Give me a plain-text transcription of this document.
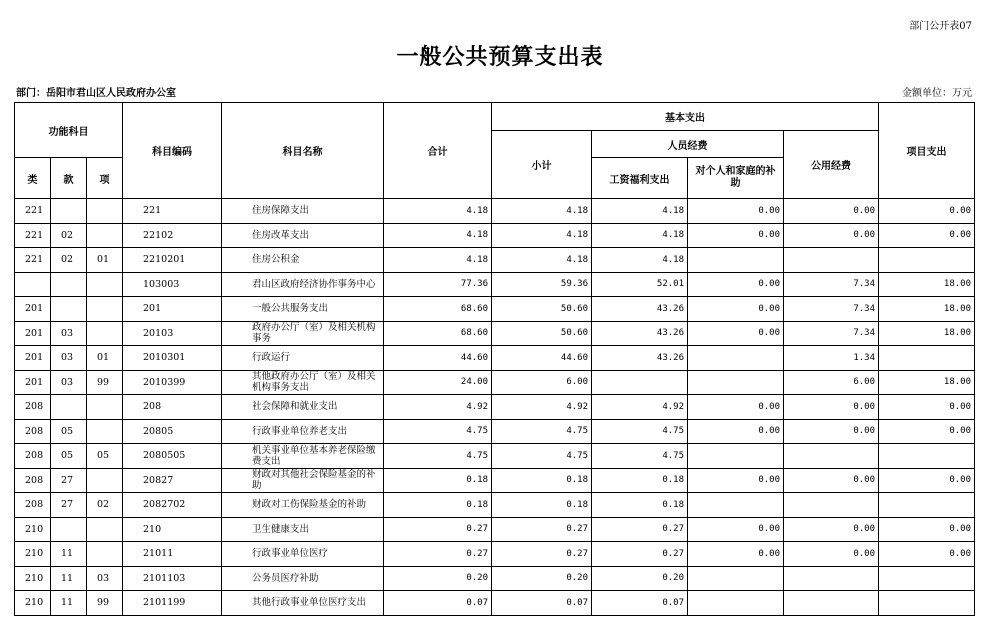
部门公开表07
一般公共预算支出表
部门：岳阳市君山区人民政府办公室	金额单位：万元
功能科目			科目编码	科目名称	合计	基本支出				项目支出
						小计	人员经费		公用经费	
类	款	项					工资福利支出	对个人和家庭的补助		
221			221	住房保障支出	4.18	4.18	4.18	0.00	0.00	0.00
221	02		22102	住房改革支出	4.18	4.18	4.18	0.00	0.00	0.00
221	02	01	2210201	住房公积金	4.18	4.18	4.18			
			103003	君山区政府经济协作事务中心	77.36	59.36	52.01	0.00	7.34	18.00
201			201	一般公共服务支出	68.60	50.60	43.26	0.00	7.34	18.00
201	03		20103	政府办公厅（室）及相关机构事务	68.60	50.60	43.26	0.00	7.34	18.00
201	03	01	2010301	行政运行	44.60	44.60	43.26		1.34	
201	03	99	2010399	其他政府办公厅（室）及相关机构事务支出	24.00	6.00			6.00	18.00
208			208	社会保障和就业支出	4.92	4.92	4.92	0.00	0.00	0.00
208	05		20805	行政事业单位养老支出	4.75	4.75	4.75	0.00	0.00	0.00
208	05	05	2080505	机关事业单位基本养老保险缴费支出	4.75	4.75	4.75			
208	27		20827	财政对其他社会保险基金的补助	0.18	0.18	0.18	0.00	0.00	0.00
208	27	02	2082702	财政对工伤保险基金的补助	0.18	0.18	0.18			
210			210	卫生健康支出	0.27	0.27	0.27	0.00	0.00	0.00
210	11		21011	行政事业单位医疗	0.27	0.27	0.27	0.00	0.00	0.00
210	11	03	2101103	公务员医疗补助	0.20	0.20	0.20			
210	11	99	2101199	其他行政事业单位医疗支出	0.07	0.07	0.07			
